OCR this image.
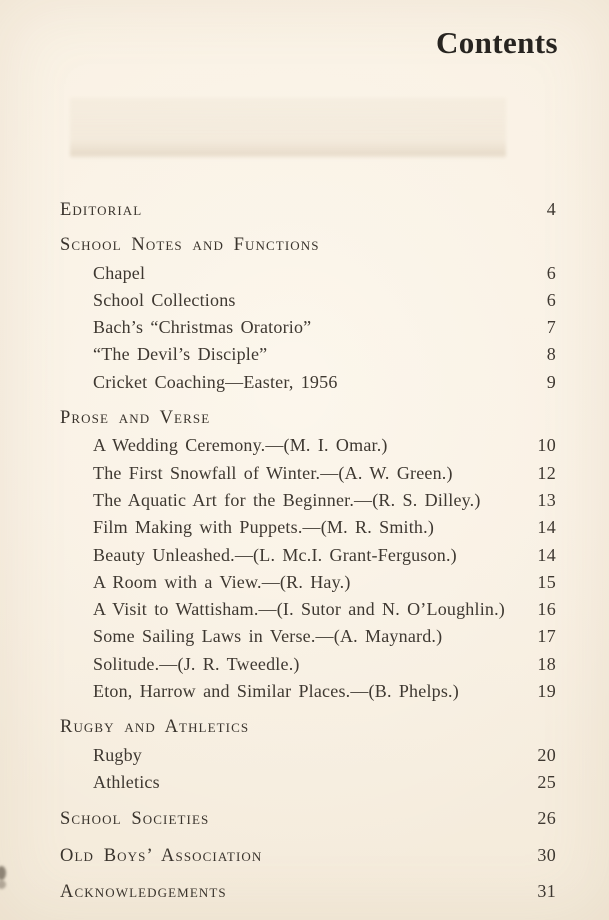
Contents
Editorial	4
School Notes and Functions
Chapel	6
School Collections	6
Bach’s “Christmas Oratorio”	7
“The Devil’s Disciple”	8
Cricket Coaching—Easter, 1956	9
Prose and Verse
A Wedding Ceremony.—(M. I. Omar.)	10
The First Snowfall of Winter.—(A. W. Green.)	12
The Aquatic Art for the Beginner.—(R. S. Dilley.)	13
Film Making with Puppets.—(M. R. Smith.)	14
Beauty Unleashed.—(L. Mc.I. Grant-Ferguson.)	14
A Room with a View.—(R. Hay.)	15
A Visit to Wattisham.—(I. Sutor and N. O’Loughlin.)	16
Some Sailing Laws in Verse.—(A. Maynard.)	17
Solitude.—(J. R. Tweedle.)	18
Eton, Harrow and Similar Places.—(B. Phelps.)	19
Rugby and Athletics
Rugby	20
Athletics	25
School Societies	26
Old Boys’ Association	30
Acknowledgements	31
